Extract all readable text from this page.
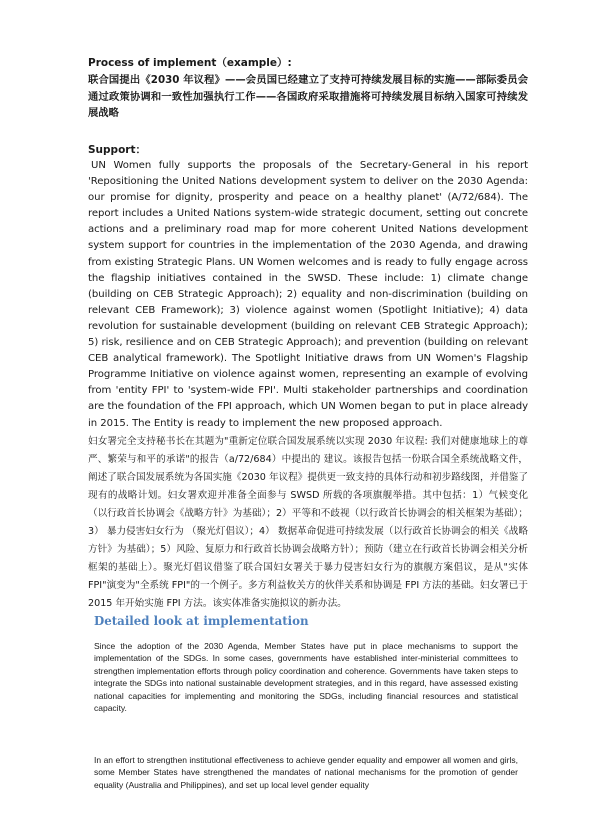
Process of implement（example）:

联合国提出《2030 年议程》——会员国已经建立了支持可持续发展目标的实施——部际委员会通过政策协调和一致性加强执行工作——各国政府采取措施将可持续发展目标纳入国家可持续发展战略

Support：

UN Women fully supports the proposals of the Secretary-General in his report 'Repositioning the United Nations development system to deliver on the 2030 Agenda: our promise for dignity, prosperity and peace on a healthy planet' (A/72/684). The report includes a United Nations system-wide strategic document, setting out concrete actions and a preliminary road map for more coherent United Nations development system support for countries in the implementation of the 2030 Agenda, and drawing from existing Strategic Plans. UN Women welcomes and is ready to fully engage across the flagship initiatives contained in the SWSD. These include: 1) climate change (building on CEB Strategic Approach); 2) equality and non-discrimination (building on relevant CEB Framework); 3) violence against women (Spotlight Initiative); 4) data revolution for sustainable development (building on relevant CEB Strategic Approach); 5) risk, resilience and on CEB Strategic Approach); and prevention (building on relevant CEB analytical framework). The Spotlight Initiative draws from UN Women's Flagship Programme Initiative on violence against women, representing an example of evolving from 'entity FPI' to 'system-wide FPI'. Multi stakeholder partnerships and coordination are the foundation of the FPI approach, which UN Women began to put in place already in 2015. The Entity is ready to implement the new proposed approach.

妇女署完全支持秘书长在其题为"重新定位联合国发展系统以实现 2030 年议程: 我们对健康地球上的尊严、繁荣与和平的承诺"的报告（a/72/684）中提出的 建议。该报告包括一份联合国全系统战略文件，阐述了联合国发展系统为各国实施《2030 年议程》提供更一致支持的具体行动和初步路线图，并借鉴了现有的战略计划。妇女署欢迎并准备全面参与 SWSD 所载的各项旗舰举措。其中包括：1）气候变化（以行政首长协调会《战略方针》为基础）；2）平等和不歧视（以行政首长协调会的相关框架为基础）；3） 暴力侵害妇女行为 （聚光灯倡议）；4） 数据革命促进可持续发展（以行政首长协调会的相关《战略方针》为基础）；5）风险、复原力和行政首长协调会战略方针）；预防（建立在行政首长协调会相关分析框架的基础上）。聚光灯倡议借鉴了联合国妇女署关于暴力侵害妇女行为的旗舰方案倡议，是从"实体 FPI"演变为"全系统 FPI"的一个例子。多方利益攸关方的伙伴关系和协调是 FPI 方法的基础。妇女署已于 2015 年开始实施 FPI 方法。该实体准备实施拟议的新办法。

Detailed look at implementation

Since the adoption of the 2030 Agenda, Member States have put in place mechanisms to support the implementation of the SDGs. In some cases, governments have established inter-ministerial committees to strengthen implementation efforts through policy coordination and coherence. Governments have taken steps to integrate the SDGs into national sustainable development strategies, and in this regard, have assessed existing national capacities for implementing and monitoring the SDGs, including financial resources and statistical capacity.

In an effort to strengthen institutional effectiveness to achieve gender equality and empower all women and girls, some Member States have strengthened the mandates of national mechanisms for the promotion of gender equality (Australia and Philippines), and set up local level gender equality
